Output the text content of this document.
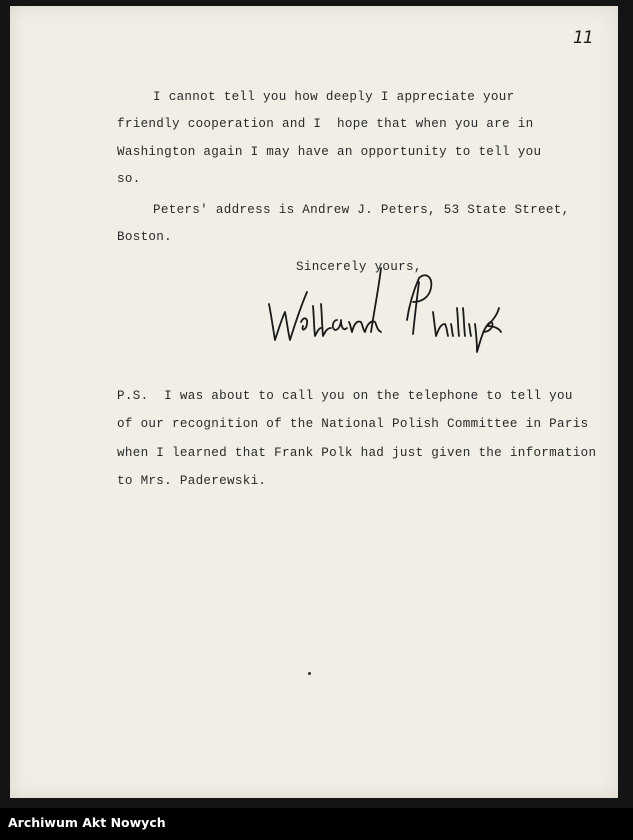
11
I cannot tell you how deeply I appreciate your
friendly cooperation and I  hope that when you are in
Washington again I may have an opportunity to tell you
so.
Peters' address is Andrew J. Peters, 53 State Street,
Boston.
Sincerely yours,
P.S.  I was about to call you on the telephone to tell you
of our recognition of the National Polish Committee in Paris
when I learned that Frank Polk had just given the information
to Mrs. Paderewski.
Archiwum Akt Nowych
